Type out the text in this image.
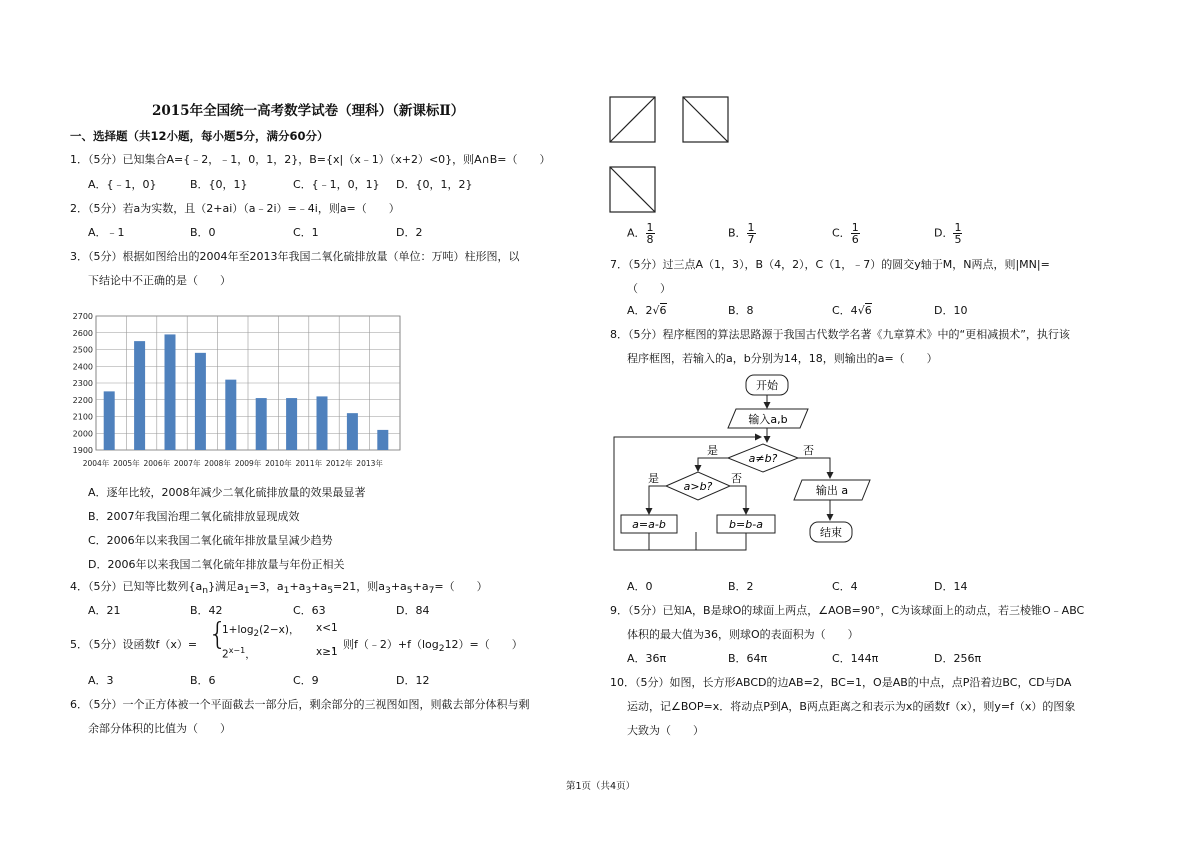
2015年全国统一高考数学试卷（理科）（新课标Ⅱ）
一、选择题（共12小题，每小题5分，满分60分）
1．（5分）已知集合A={﹣2，﹣1，0，1，2}，B={x|（x﹣1）（x+2）<0}，则A∩B=（　　）
A．{﹣1，0}	B．{0，1}	C．{﹣1，0，1} D．{0，1，2}
2．（5分）若a为实数，且（2+ai）（a﹣2i）=﹣4i，则a=（　　）
A．﹣1	B．0	C．1	D．2
3．（5分）根据如图给出的2004年至2013年我国二氧化硫排放量（单位：万吨）柱形图，以
下结论中不正确的是（　　）
1900
2000
2100
2200
2300
2400
2500
2600
2700
2004年 2005年 2006年 2007年 2008年 2009年 2010年 2011年 2012年 2013年
A．逐年比较，2008年减少二氧化硫排放量的效果最显著
B．2007年我国治理二氧化硫排放显现成效
C．2006年以来我国二氧化硫年排放量呈减少趋势
D．2006年以来我国二氧化硫年排放量与年份正相关
4．（5分）已知等比数列$\{a_n\}$满足$a_1=3$，$a_1+a_3+a_5=21$，则$a_3+a_5+a_7=$（　　）
A．21	B．42	C．63	D．84
5．（5分）设函数f（x）= {
$1+\log_2(2-x)$， x<1
$2^{x-1}$，	x≥1
，则$f(﹣2)+f(\log_212)=$（　　）
A．3	B．6	C．9	D．12
6．（5分）一个正方体被一个平面截去一部分后，剩余部分的三视图如图，则截去部分体积与剩
余部分体积的比值为（　　）
A． $\frac{1}{8}$	B． $\frac{1}{7}$	C． $\frac{1}{6}$	D． $\frac{1}{5}$
7．（5分）过三点A（1，3），B（4，2），C（1，﹣7）的圆交y轴于M，N两点，则|MN|=
（　　）
A．2√6	B．8	C．4√6	D．10
8．（5分）程序框图的算法思路源于我国古代数学名著《九章算术》中的“更相减损术”，执行该
程序框图，若输入的a，b分别为14，18，则输出的a=（　　）
开始
输入a,b
a≠b?
是	否
a>b?
是	否
a=a-b	b=b-a
输出 a
结束
A．0	B．2	C．4	D．14
9．（5分）已知A，B是球O的球面上两点，∠AOB=90°，C为该球面上的动点，若三棱锥O﹣ABC
体积的最大值为36，则球O的表面积为（　　）
A．36π	B．64π	C．144π	D．256π
10．（5分）如图，长方形ABCD的边AB=2，BC=1，O是AB的中点，点P沿着边BC，CD与DA
运动，记∠BOP=x．将动点P到A，B两点距离之和表示为x的函数f（x），则y=f（x）的图象
大致为（　　）
第1页（共4页）
